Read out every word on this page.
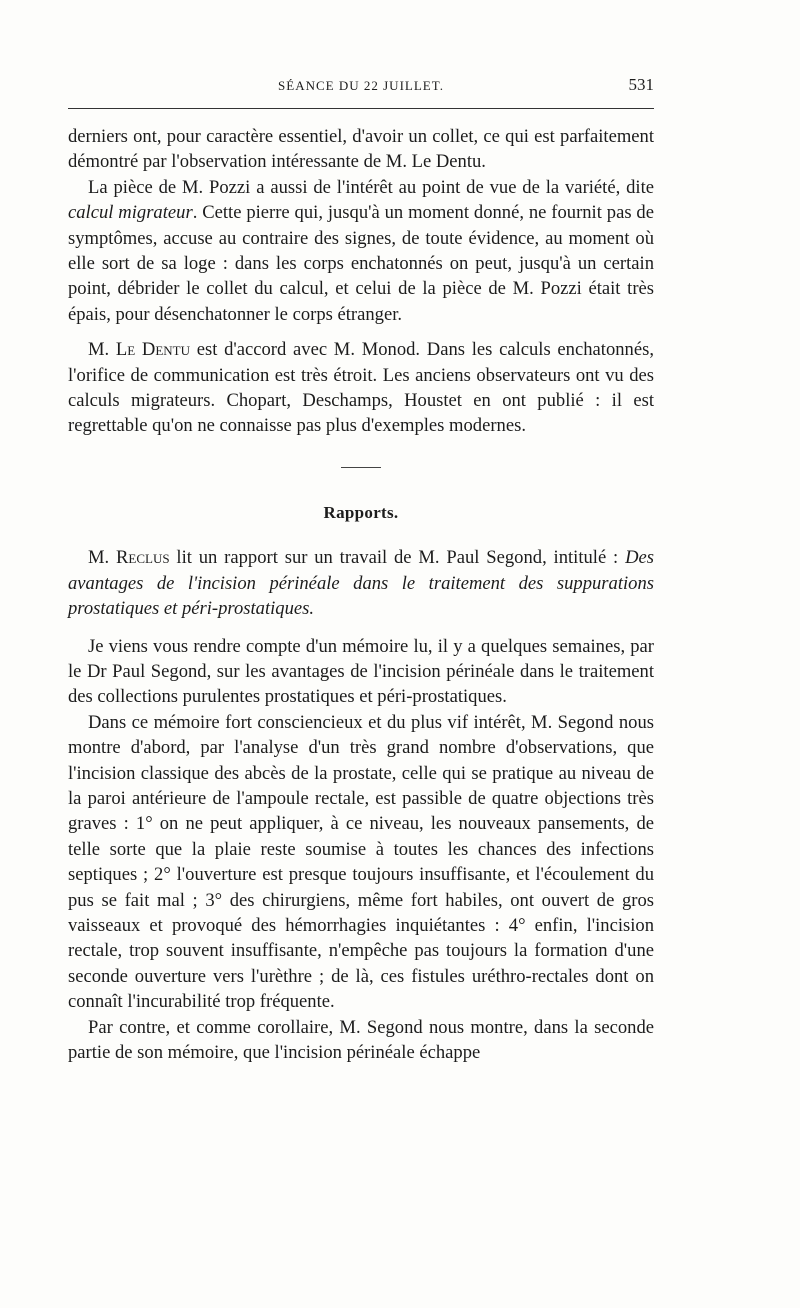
SÉANCE DU 22 JUILLET.	531

derniers ont, pour caractère essentiel, d'avoir un collet, ce qui est parfaitement démontré par l'observation intéressante de M. Le Dentu.

La pièce de M. Pozzi a aussi de l'intérêt au point de vue de la variété, dite calcul migrateur. Cette pierre qui, jusqu'à un moment donné, ne fournit pas de symptômes, accuse au contraire des signes, de toute évidence, au moment où elle sort de sa loge : dans les corps enchatonnés on peut, jusqu'à un certain point, débrider le collet du calcul, et celui de la pièce de M. Pozzi était très épais, pour désenchatonner le corps étranger.

M. Le Dentu est d'accord avec M. Monod. Dans les calculs enchatonnés, l'orifice de communication est très étroit. Les anciens observateurs ont vu des calculs migrateurs. Chopart, Deschamps, Houstet en ont publié : il est regrettable qu'on ne connaisse pas plus d'exemples modernes.

Rapports.

M. Reclus lit un rapport sur un travail de M. Paul Segond, intitulé : Des avantages de l'incision périnéale dans le traitement des suppurations prostatiques et péri-prostatiques.

Je viens vous rendre compte d'un mémoire lu, il y a quelques semaines, par le Dr Paul Segond, sur les avantages de l'incision périnéale dans le traitement des collections purulentes prostatiques et péri-prostatiques.

Dans ce mémoire fort consciencieux et du plus vif intérêt, M. Segond nous montre d'abord, par l'analyse d'un très grand nombre d'observations, que l'incision classique des abcès de la prostate, celle qui se pratique au niveau de la paroi antérieure de l'ampoule rectale, est passible de quatre objections très graves : 1° on ne peut appliquer, à ce niveau, les nouveaux pansements, de telle sorte que la plaie reste soumise à toutes les chances des infections septiques ; 2° l'ouverture est presque toujours insuffisante, et l'écoulement du pus se fait mal ; 3° des chirurgiens, même fort habiles, ont ouvert de gros vaisseaux et provoqué des hémorrhagies inquiétantes : 4° enfin, l'incision rectale, trop souvent insuffisante, n'empêche pas toujours la formation d'une seconde ouverture vers l'urèthre ; de là, ces fistules uréthro-rectales dont on connaît l'incurabilité trop fréquente.

Par contre, et comme corollaire, M. Segond nous montre, dans la seconde partie de son mémoire, que l'incision périnéale échappe
